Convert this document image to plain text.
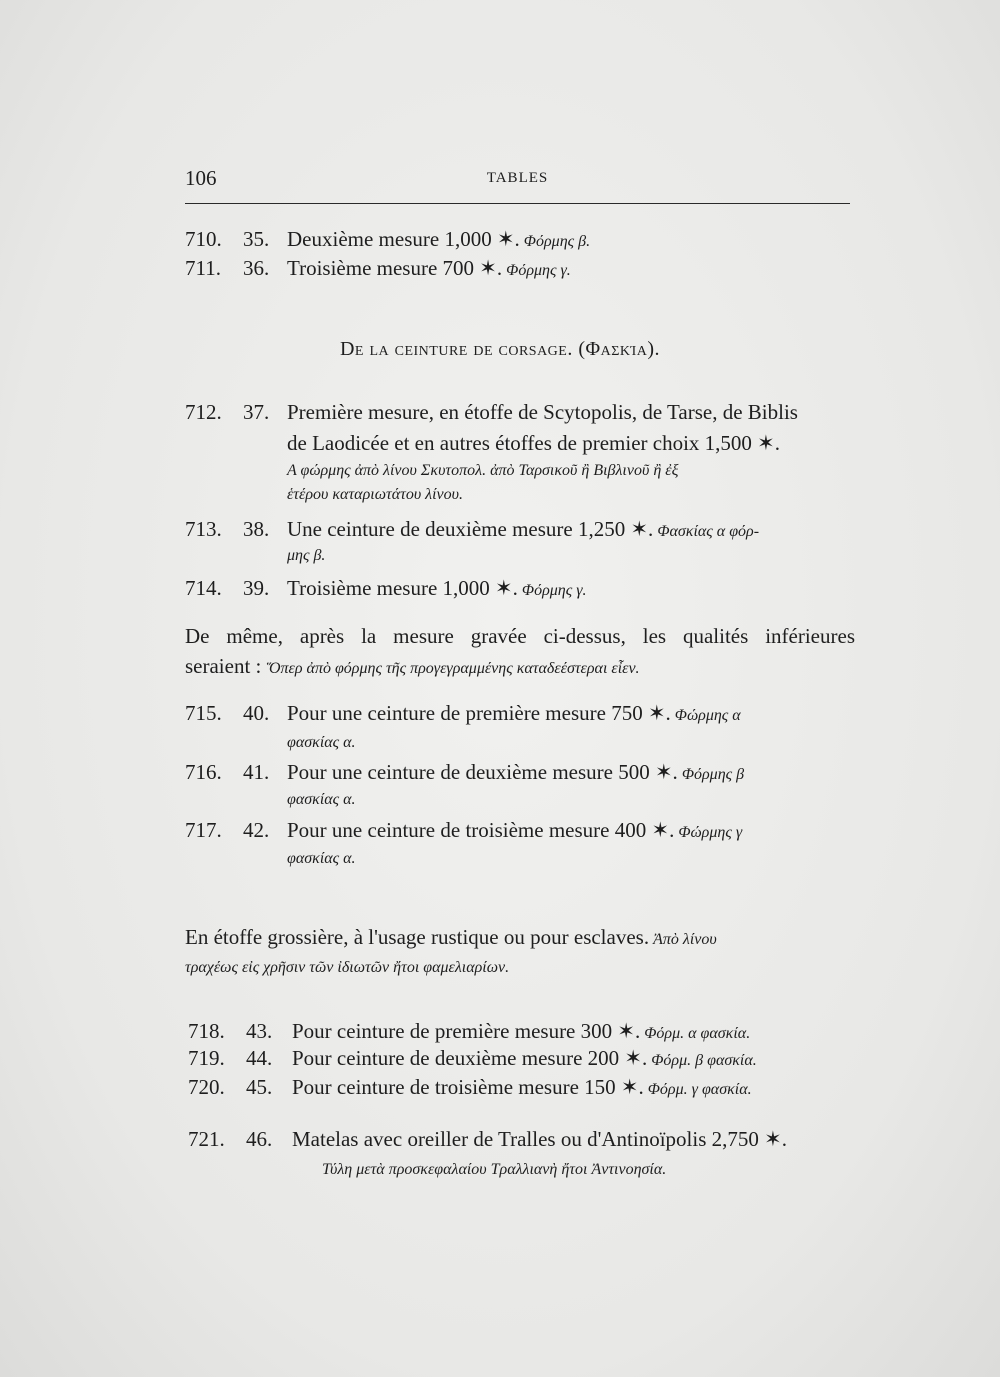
106	TABLES
710. 35. Deuxième mesure 1,000 ✶. Φόρμης β.
711. 36. Troisième mesure 700 ✶. Φόρμης γ.
De la ceinture de corsage. (Φασκία).
712. 37. Première mesure, en étoffe de Scytopolis, de Tarse, de Biblis
de Laodicée et en autres étoffes de premier choix 1,500 ✶.
Α φώρμης ἀπὸ λίνου Σκυτοπολ. ἀπὸ Ταρσικοῦ ἢ Βιβλινοῦ ἢ ἐξ
ἑτέρου καταριωτάτου λίνου.
713. 38. Une ceinture de deuxième mesure 1,250 ✶. Φασκίας α φόρ-
μης β.
714. 39. Troisième mesure 1,000 ✶. Φόρμης γ.
De même, après la mesure gravée ci-dessus, les qualités inférieures
seraient : Ὅπερ ἀπὸ φόρμης τῆς προγεγραμμένης καταδεέστεραι εἶεν.
715. 40. Pour une ceinture de première mesure 750 ✶. Φώρμης α
φασκίας α.
716. 41. Pour une ceinture de deuxième mesure 500 ✶. Φόρμης β
φασκίας α.
717. 42. Pour une ceinture de troisième mesure 400 ✶. Φώρμης γ
φασκίας α.
En étoffe grossière, à l'usage rustique ou pour esclaves. Ἀπὸ λίνου
τραχέως εἰς χρῆσιν τῶν ἰδιωτῶν ἤτοι φαμελιαρίων.
718. 43. Pour ceinture de première mesure 300 ✶. Φόρμ. α φασκία.
719. 44. Pour ceinture de deuxième mesure 200 ✶. Φόρμ. β φασκία.
720. 45. Pour ceinture de troisième mesure 150 ✶. Φόρμ. γ φασκία.
721. 46. Matelas avec oreiller de Tralles ou d'Antinoïpolis 2,750 ✶.
Τύλη μετὰ προσκεφαλαίου Τραλλιανὴ ἤτοι Ἀντινοησία.
